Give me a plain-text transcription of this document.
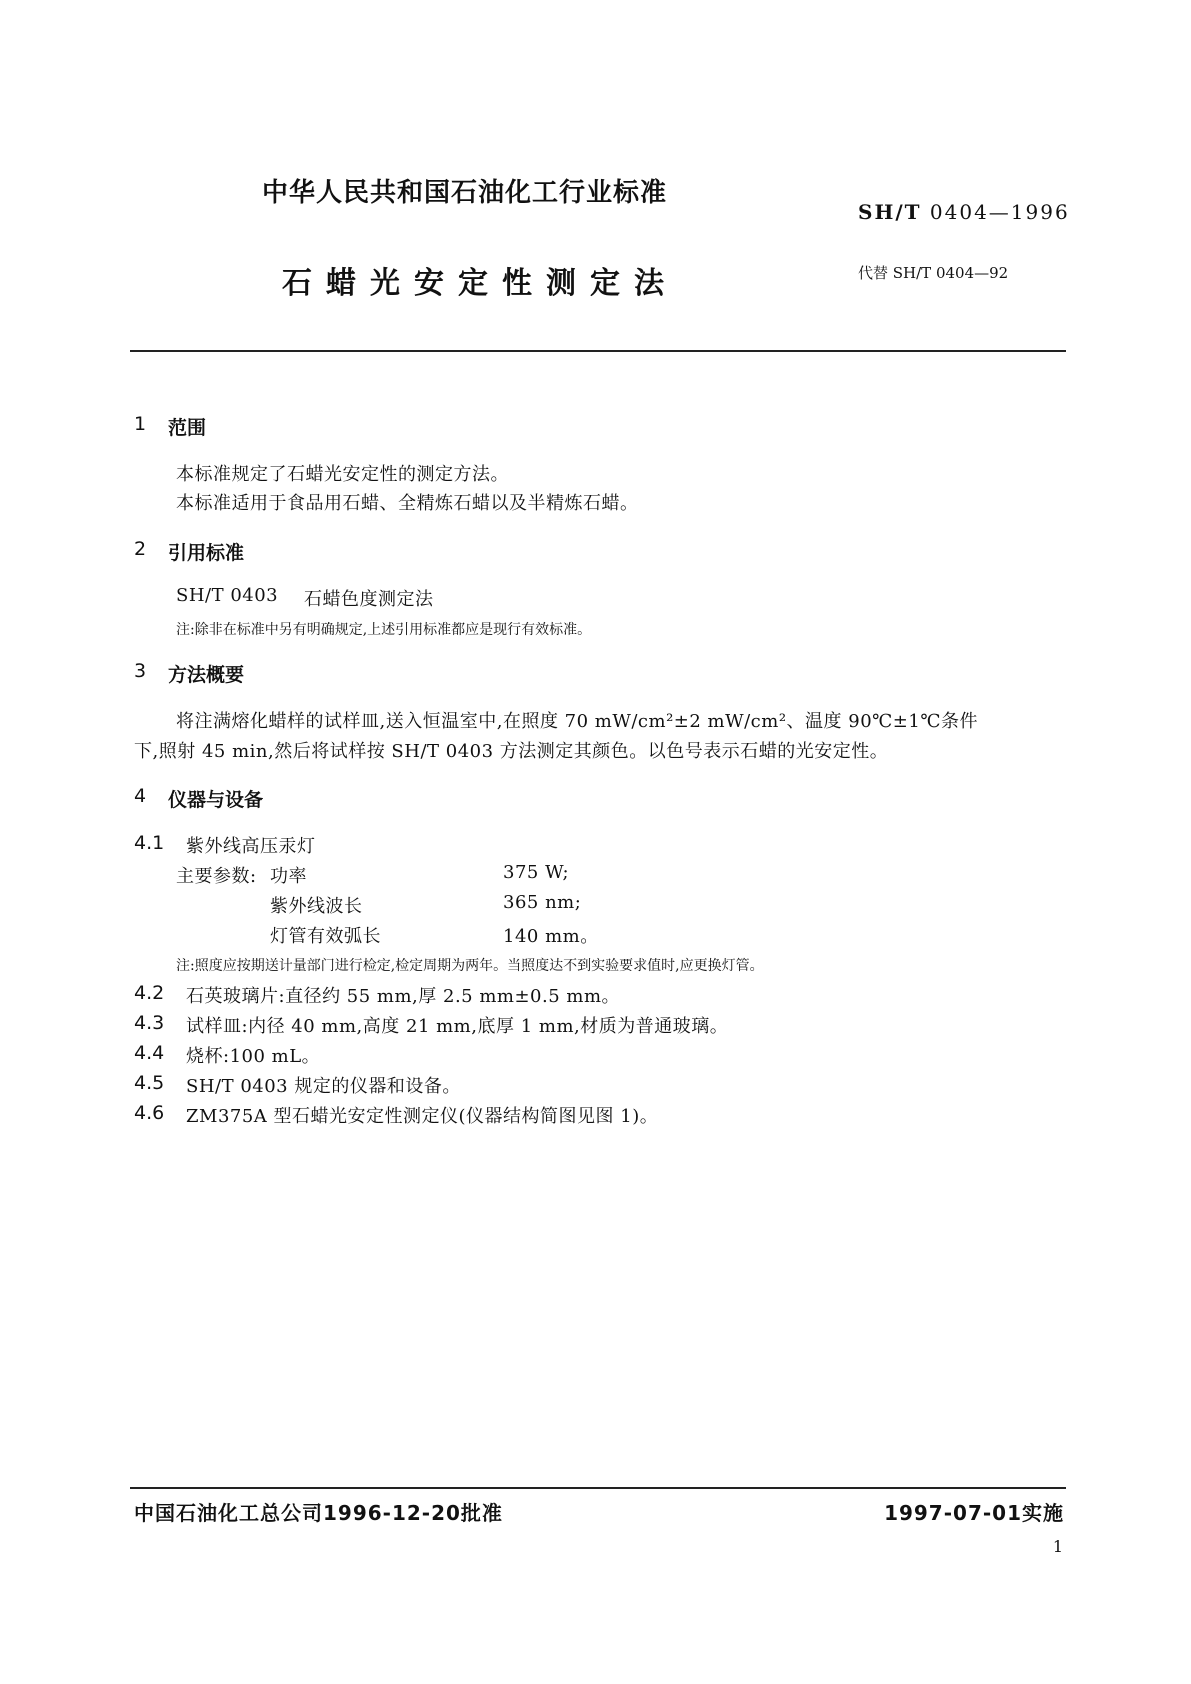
中华人民共和国石油化工行业标准
SH/T 0404—1996
石蜡光安定性测定法	代替 SH/T 0404—92
1 范围
本标准规定了石蜡光安定性的测定方法。
本标准适用于食品用石蜡、全精炼石蜡以及半精炼石蜡。
2 引用标准
SH/T 0403 石蜡色度测定法
注:除非在标准中另有明确规定,上述引用标准都应是现行有效标准。
3 方法概要
将注满熔化蜡样的试样皿,送入恒温室中,在照度 70 mW/cm²±2 mW/cm²、温度 90℃±1℃条件
下,照射 45 min,然后将试样按 SH/T 0403 方法测定其颜色。以色号表示石蜡的光安定性。
4 仪器与设备
4.1 紫外线高压汞灯
主要参数: 功率	375 W;
紫外线波长	365 nm;
灯管有效弧长	140 mm。
注:照度应按期送计量部门进行检定,检定周期为两年。当照度达不到实验要求值时,应更换灯管。
4.2 石英玻璃片:直径约 55 mm,厚 2.5 mm±0.5 mm。
4.3 试样皿:内径 40 mm,高度 21 mm,底厚 1 mm,材质为普通玻璃。
4.4 烧杯:100 mL。
4.5 SH/T 0403 规定的仪器和设备。
4.6 ZM375A 型石蜡光安定性测定仪(仪器结构简图见图 1)。
中国石油化工总公司1996-12-20批准	1997-07-01实施
1
